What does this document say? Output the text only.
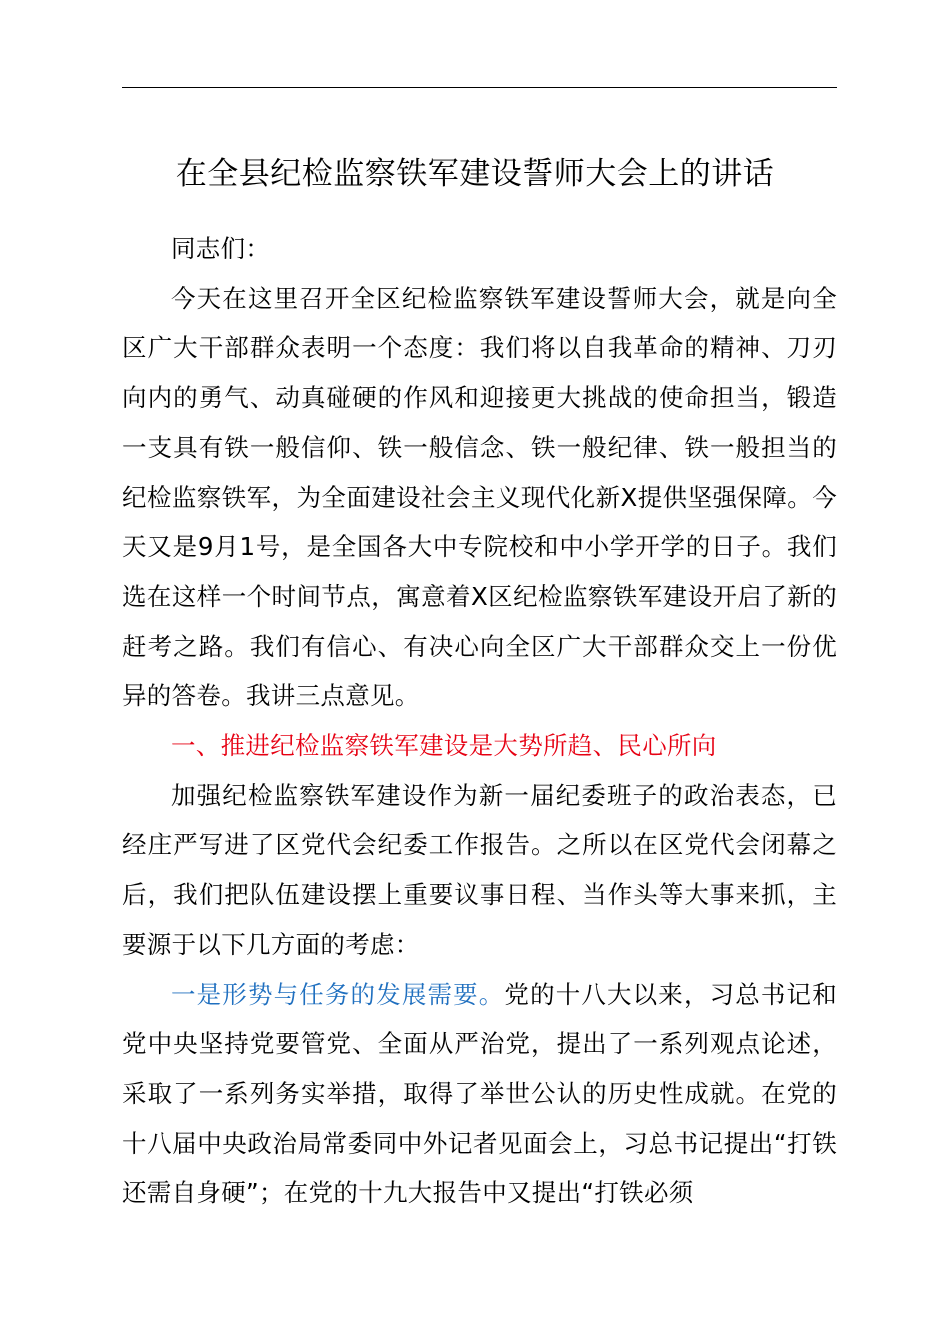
在全县纪检监察铁军建设誓师大会上的讲话

同志们：

今天在这里召开全区纪检监察铁军建设誓师大会，就是向全区广大干部群众表明一个态度：我们将以自我革命的精神、刀刃向内的勇气、动真碰硬的作风和迎接更大挑战的使命担当，锻造一支具有铁一般信仰、铁一般信念、铁一般纪律、铁一般担当的纪检监察铁军，为全面建设社会主义现代化新X提供坚强保障。今天又是9月1号，是全国各大中专院校和中小学开学的日子。我们选在这样一个时间节点，寓意着X区纪检监察铁军建设开启了新的赶考之路。我们有信心、有决心向全区广大干部群众交上一份优异的答卷。我讲三点意见。

一、推进纪检监察铁军建设是大势所趋、民心所向

加强纪检监察铁军建设作为新一届纪委班子的政治表态，已经庄严写进了区党代会纪委工作报告。之所以在区党代会闭幕之后，我们把队伍建设摆上重要议事日程、当作头等大事来抓，主要源于以下几方面的考虑：

一是形势与任务的发展需要。党的十八大以来，习总书记和党中央坚持党要管党、全面从严治党，提出了一系列观点论述，采取了一系列务实举措，取得了举世公认的历史性成就。在党的十八届中央政治局常委同中外记者见面会上，习总书记提出“打铁还需自身硬”；在党的十九大报告中又提出“打铁必须
